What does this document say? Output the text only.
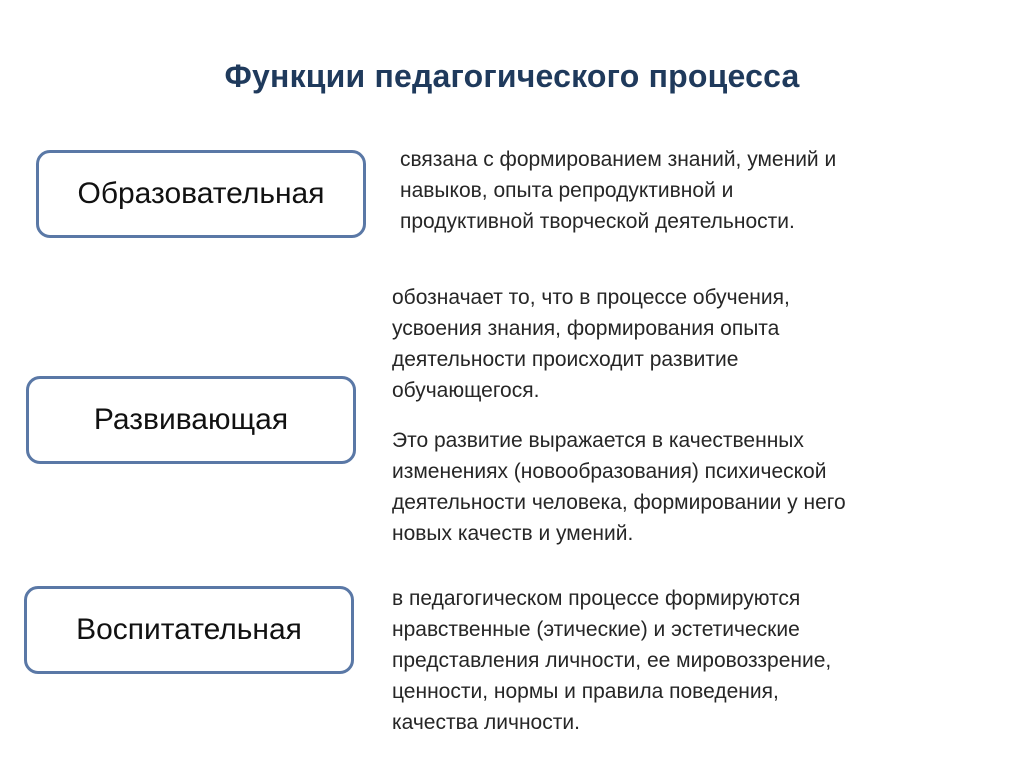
Функции педагогического процесса
Образовательная

связана с формированием знаний, умений и
навыков, опыта репродуктивной и
продуктивной творческой деятельности.

Развивающая

обозначает то, что в процессе обучения,
усвоения знания, формирования опыта
деятельности происходит развитие
обучающегося.

Это развитие выражается в качественных
изменениях (новообразования) психической
деятельности человека, формировании у него
новых качеств и умений.

Воспитательная

в педагогическом процессе формируются
нравственные (этические) и эстетические
представления личности, ее мировоззрение,
ценности, нормы и правила поведения,
качества личности.
